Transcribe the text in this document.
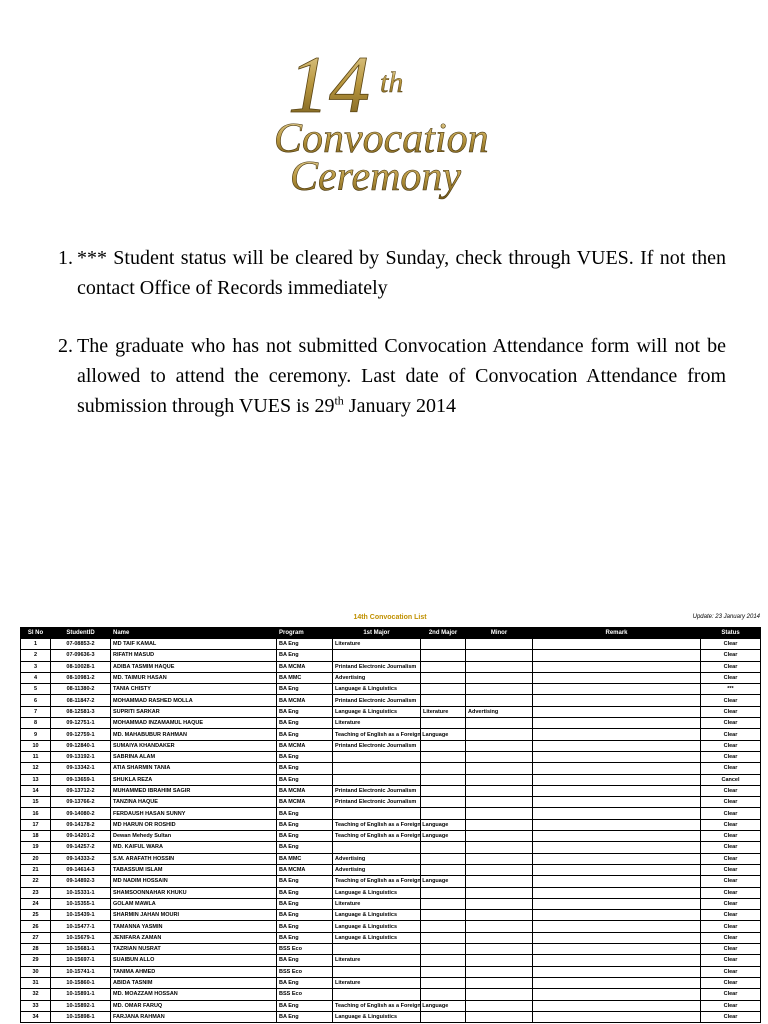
14 th
Convocation
Ceremony
1. *** Student status will be cleared by Sunday, check through VUES. If not then contact Office of Records immediately
2. The graduate who has not submitted Convocation Attendance form will not be allowed to attend the ceremony. Last date of Convocation Attendance from submission through VUES is 29th January 2014
14th Convocation List	Update: 23 January 2014
Sl No	StudentID	Name	Program	1st Major	2nd Major	Minor	Remark	Status
1	07-08853-2	MD TAIF KAMAL	BA Eng	Literature				Clear
2	07-09636-3	RIFATH MASUD	BA Eng					Clear
3	08-10028-1	ADIBA TASMIM HAQUE	BA MCMA	Printand Electronic Journalism				Clear
4	08-10981-2	MD. TAIMUR HASAN	BA MMC	Advertising				Clear
5	08-11380-2	TANIA CHISTY	BA Eng	Language & Linguistics				***
6	08-11847-2	MOHAMMAD RASHED MOLLA	BA MCMA	Printand Electronic Journalism				Clear
7	08-12581-3	SUPRITI SARKAR	BA Eng	Language & Linguistics	Literature	Advertising		Clear
8	09-12751-1	MOHAMMAD INZAMAMUL HAQUE	BA Eng	Literature				Clear
9	09-12759-1	MD. MAHABUBUR RAHMAN	BA Eng	Teaching of English as a Foreign Language				Clear
10	09-12840-1	SUMAIYA KHANDAKER	BA MCMA	Printand Electronic Journalism				Clear
11	09-13192-1	SABRINA ALAM	BA Eng					Clear
12	09-13342-1	ATIA SHARMIN TANIA	BA Eng					Clear
13	09-13659-1	SHUKLA REZA	BA Eng					Cancel
14	09-13712-2	MUHAMMED IBRAHIM SAGIR	BA MCMA	Printand Electronic Journalism				Clear
15	09-13766-2	TANZINA HAQUE	BA MCMA	Printand Electronic Journalism				Clear
16	09-14080-2	FERDAUSH HASAN SUNNY	BA Eng					Clear
17	09-14178-2	MD HARUN OR ROSHID	BA Eng	Teaching of English as a Foreign Language				Clear
18	09-14201-2	Dewan Mehedy Sultan	BA Eng	Teaching of English as a Foreign Language				Clear
19	09-14257-2	MD. KAIFUL WARA	BA Eng					Clear
20	09-14333-2	S.M. ARAFATH HOSSIN	BA MMC	Advertising				Clear
21	09-14614-3	TABASSUM ISLAM	BA MCMA	Advertising				Clear
22	09-14892-3	MD NADIM HOSSAIN	BA Eng	Teaching of English as a Foreign Language				Clear
23	10-15331-1	SHAMSOONNAHAR KHUKU	BA Eng	Language & Linguistics				Clear
24	10-15355-1	GOLAM MAWLA	BA Eng	Literature				Clear
25	10-15439-1	SHARMIN JAHAN MOURI	BA Eng	Language & Linguistics				Clear
26	10-15477-1	TAMANNA YASMIN	BA Eng	Language & Linguistics				Clear
27	10-15679-1	JENIFARA ZAMAN	BA Eng	Language & Linguistics				Clear
28	10-15681-1	TAZRIAN NUSRAT	BSS Eco					Clear
29	10-15697-1	SUAIBUN ALLO	BA Eng	Literature				Clear
30	10-15741-1	TANIMA AHMED	BSS Eco					Clear
31	10-15860-1	ABIDA TASNIM	BA Eng	Literature				Clear
32	10-15891-1	MD. MOAZZAM HOSSAN	BSS Eco					Clear
33	10-15892-1	MD. OMAR FARUQ	BA Eng	Teaching of English as a Foreign Language				Clear
34	10-15898-1	FARJANA RAHMAN	BA Eng	Language & Linguistics				Clear
